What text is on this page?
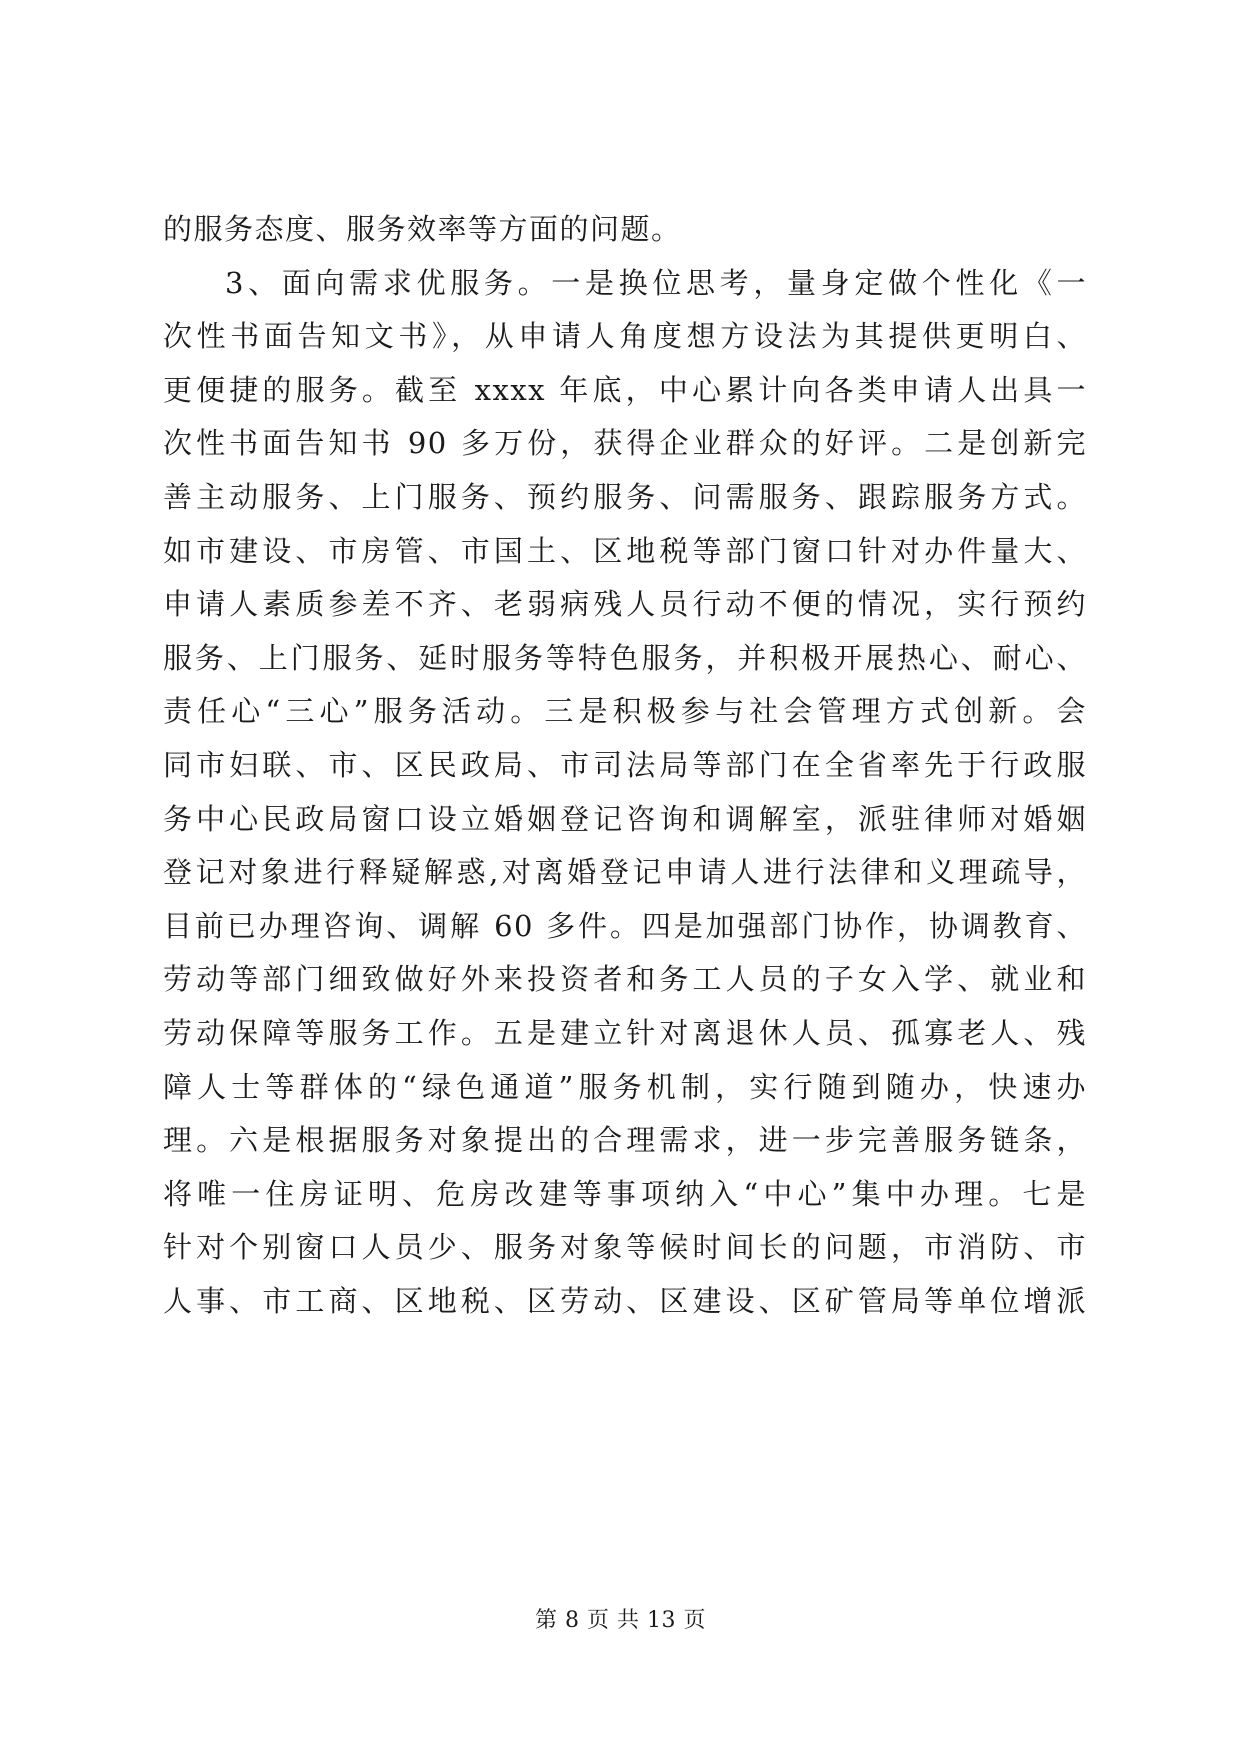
的服务态度、服务效率等方面的问题。
3、面向需求优服务。一是换位思考，量身定做个性化《一
次性书面告知文书》，从申请人角度想方设法为其提供更明白、
更便捷的服务。截至 xxxx 年底，中心累计向各类申请人出具一
次性书面告知书 90 多万份，获得企业群众的好评。二是创新完
善主动服务、上门服务、预约服务、问需服务、跟踪服务方式。
如市建设、市房管、市国土、区地税等部门窗口针对办件量大、
申请人素质参差不齐、老弱病残人员行动不便的情况，实行预约
服务、上门服务、延时服务等特色服务，并积极开展热心、耐心、
责任心“三心”服务活动。三是积极参与社会管理方式创新。会
同市妇联、市、区民政局、市司法局等部门在全省率先于行政服
务中心民政局窗口设立婚姻登记咨询和调解室，派驻律师对婚姻
登记对象进行释疑解惑,对离婚登记申请人进行法律和义理疏导，
目前已办理咨询、调解 60 多件。四是加强部门协作，协调教育、
劳动等部门细致做好外来投资者和务工人员的子女入学、就业和
劳动保障等服务工作。五是建立针对离退休人员、孤寡老人、残
障人士等群体的“绿色通道”服务机制，实行随到随办，快速办
理。六是根据服务对象提出的合理需求，进一步完善服务链条，
将唯一住房证明、危房改建等事项纳入“中心”集中办理。七是
针对个别窗口人员少、服务对象等候时间长的问题，市消防、市
人事、市工商、区地税、区劳动、区建设、区矿管局等单位增派
第 8 页 共 13 页
